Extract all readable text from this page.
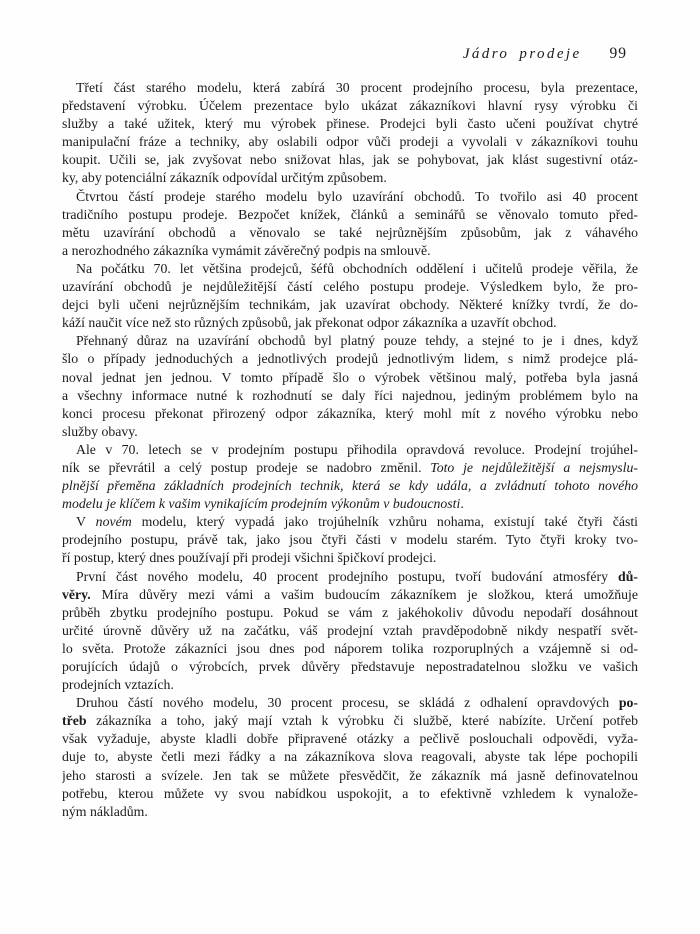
Jádro prodeje 99
Třetí část starého modelu, která zabírá 30 procent prodejního procesu, byla prezentace,
představení výrobku. Účelem prezentace bylo ukázat zákazníkovi hlavní rysy výrobku či
služby a také užitek, který mu výrobek přinese. Prodejci byli často učeni používat chytré
manipulační fráze a techniky, aby oslabili odpor vůči prodeji a vyvolali v zákazníkovi touhu
koupit. Učili se, jak zvyšovat nebo snižovat hlas, jak se pohybovat, jak klást sugestivní otáz-
ky, aby potenciální zákazník odpovídal určitým způsobem.
Čtvrtou částí prodeje starého modelu bylo uzavírání obchodů. To tvořilo asi 40 procent
tradičního postupu prodeje. Bezpočet knížek, článků a seminářů se věnovalo tomuto před-
mětu uzavírání obchodů a věnovalo se také nejrůznějším způsobům, jak z váhavého
a nerozhodného zákazníka vymámit závěrečný podpis na smlouvě.
Na počátku 70. let většina prodejců, šéfů obchodních oddělení i učitelů prodeje věřila, že
uzavírání obchodů je nejdůležitější částí celého postupu prodeje. Výsledkem bylo, že pro-
dejci byli učeni nejrůznějším technikám, jak uzavírat obchody. Některé knížky tvrdí, že do-
káží naučit více než sto různých způsobů, jak překonat odpor zákazníka a uzavřít obchod.
Přehnaný důraz na uzavírání obchodů byl platný pouze tehdy, a stejné to je i dnes, když
šlo o případy jednoduchých a jednotlivých prodejů jednotlivým lidem, s nimž prodejce plá-
noval jednat jen jednou. V tomto případě šlo o výrobek většinou malý, potřeba byla jasná
a všechny informace nutné k rozhodnutí se daly říci najednou, jediným problémem bylo na
konci procesu překonat přirozený odpor zákazníka, který mohl mít z nového výrobku nebo
služby obavy.
Ale v 70. letech se v prodejním postupu přihodila opravdová revoluce. Prodejní trojúhel-
ník se převrátil a celý postup prodeje se nadobro změnil. Toto je nejdůležitější a nejsmyslu-
plnější přeměna základních prodejních technik, která se kdy udála, a zvládnutí tohoto nového
modelu je klíčem k vašim vynikajícím prodejním výkonům v budoucnosti.
V novém modelu, který vypadá jako trojúhelník vzhůru nohama, existují také čtyři části
prodejního postupu, právě tak, jako jsou čtyři části v modelu starém. Tyto čtyři kroky tvo-
ří postup, který dnes používají při prodeji všichni špičkoví prodejci.
První část nového modelu, 40 procent prodejního postupu, tvoří budování atmosféry dů-
věry. Míra důvěry mezi vámi a vašim budoucím zákazníkem je složkou, která umožňuje
průběh zbytku prodejního postupu. Pokud se vám z jakéhokoliv důvodu nepodaří dosáhnout
určité úrovně důvěry už na začátku, váš prodejní vztah pravděpodobně nikdy nespatří svět-
lo světa. Protože zákazníci jsou dnes pod náporem tolika rozporuplných a vzájemně si od-
porujících údajů o výrobcích, prvek důvěry představuje nepostradatelnou složku ve vašich
prodejních vztazích.
Druhou částí nového modelu, 30 procent procesu, se skládá z odhalení opravdových po-
třeb zákazníka a toho, jaký mají vztah k výrobku či službě, které nabízíte. Určení potřeb
však vyžaduje, abyste kladli dobře připravené otázky a pečlivě poslouchali odpovědi, vyža-
duje to, abyste četli mezi řádky a na zákazníkova slova reagovali, abyste tak lépe pochopili
jeho starosti a svízele. Jen tak se můžete přesvědčit, že zákazník má jasně definovatelnou
potřebu, kterou můžete vy svou nabídkou uspokojit, a to efektivně vzhledem k vynalože-
ným nákladům.
